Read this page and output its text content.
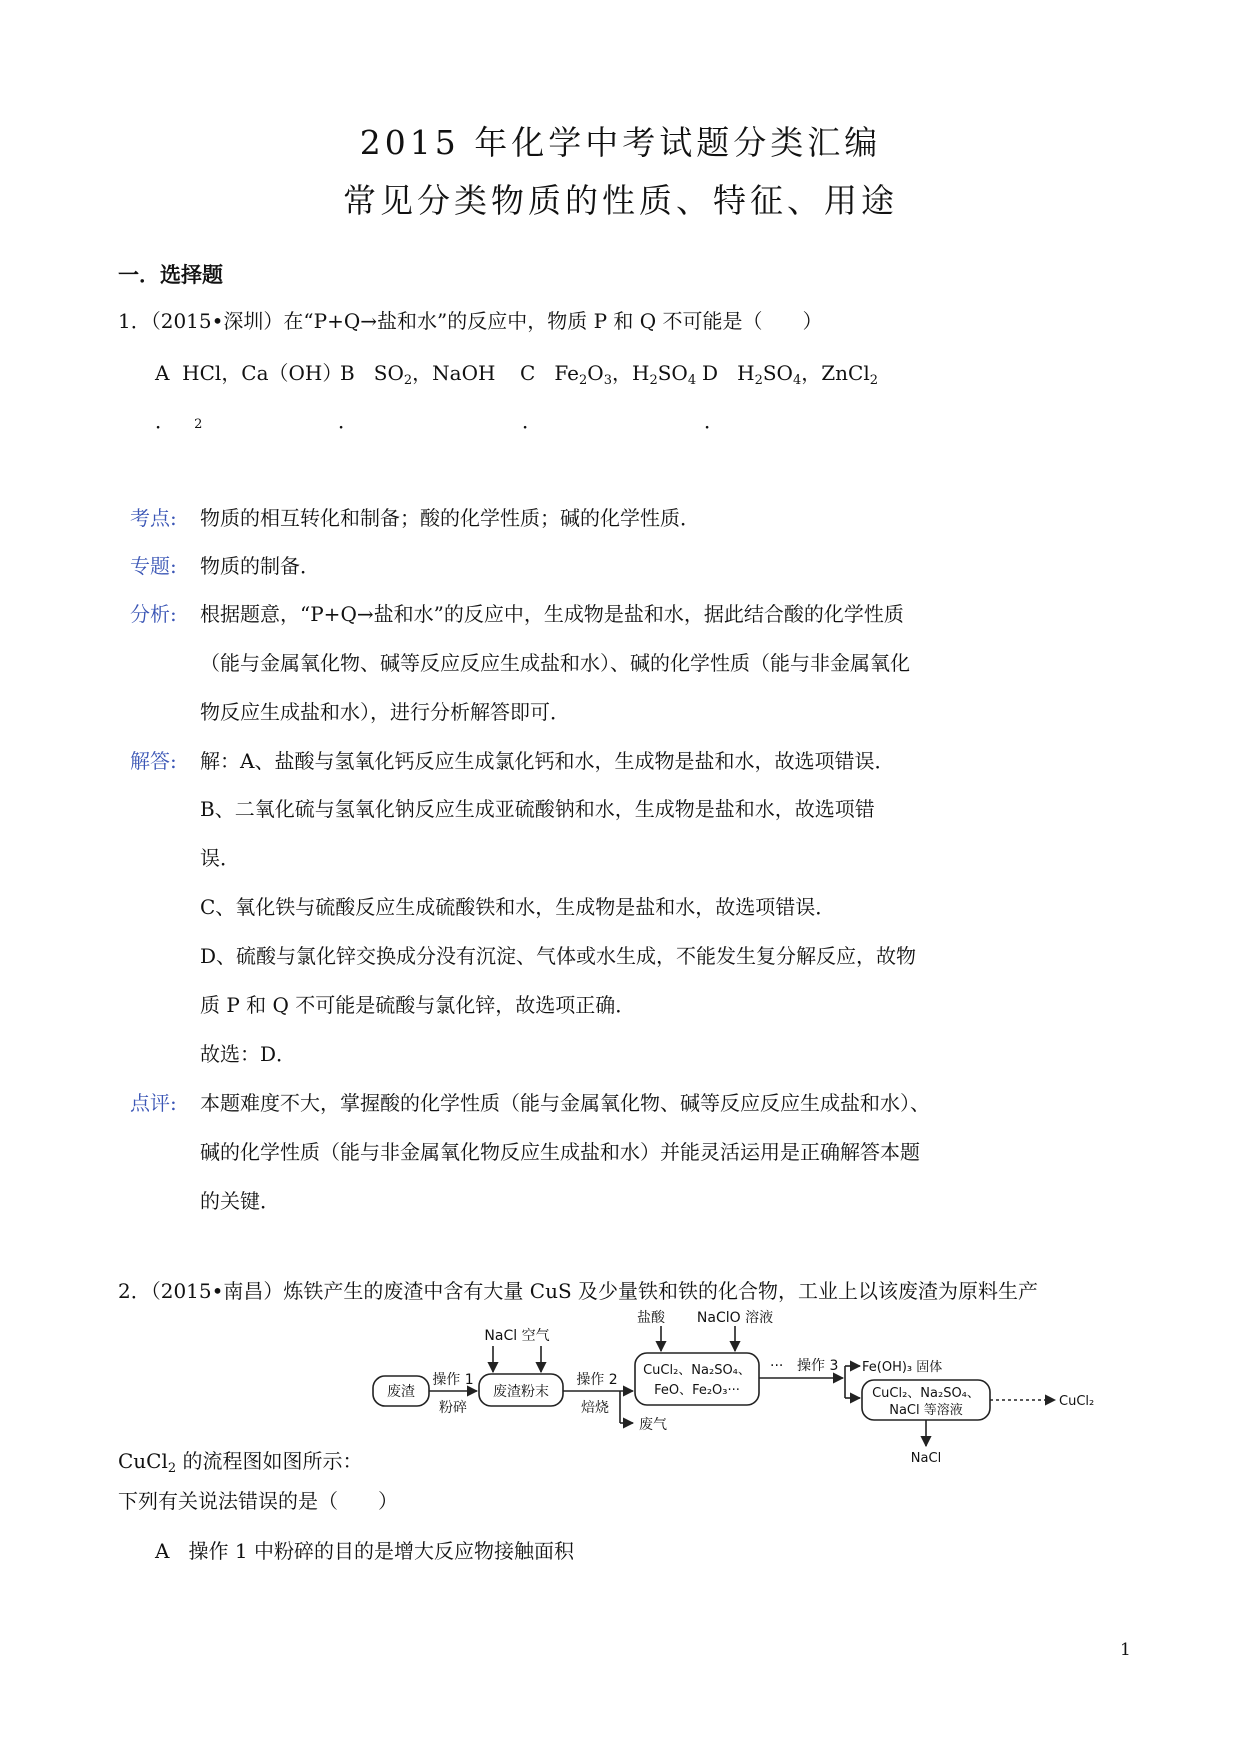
2015 年化学中考试题分类汇编
常见分类物质的性质、特征、用途
一．选择题
1．（2015•深圳）在“P+Q→盐和水”的反应中，物质 P 和 Q 不可能是（　　）
A HCl，Ca（OH）
． 2
B $SO_2$，NaOH
．
C $Fe_2O_3$，$H_2SO_4$
．
D $H_2SO_4$，ZnCl$_2$
．
考点: 物质的相互转化和制备；酸的化学性质；碱的化学性质．
专题: 物质的制备．
分析: 根据题意，“P+Q→盐和水”的反应中，生成物是盐和水，据此结合酸的化学性质
（能与金属氧化物、碱等反应反应生成盐和水）、碱的化学性质（能与非金属氧化
物反应生成盐和水），进行分析解答即可．
解答: 解：A、盐酸与氢氧化钙反应生成氯化钙和水，生成物是盐和水，故选项错误．
B、二氧化硫与氢氧化钠反应生成亚硫酸钠和水，生成物是盐和水，故选项错
误．
C、氧化铁与硫酸反应生成硫酸铁和水，生成物是盐和水，故选项错误．
D、硫酸与氯化锌交换成分没有沉淀、气体或水生成，不能发生复分解反应，故物
质 P 和 Q 不可能是硫酸与氯化锌，故选项正确．
故选：D．
点评: 本题难度不大，掌握酸的化学性质（能与金属氧化物、碱等反应反应生成盐和水）、
碱的化学性质（能与非金属氧化物反应生成盐和水）并能灵活运用是正确解答本题
的关键．
2．（2015•南昌）炼铁产生的废渣中含有大量 CuS 及少量铁和铁的化合物，工业上以该废渣为原料生产
废渣
操作 1
粉碎
NaCl 空气
废渣粉末
操作 2
焙烧
废气
盐酸 NaClO 溶液
CuCl₂、Na₂SO₄、
FeO、Fe₂O₃···
··· 操作 3 Fe(OH)₃ 固体
CuCl₂、Na₂SO₄、
NaCl 等溶液
NaCl
CuCl₂
CuCl$_2$ 的流程图如图所示：
下列有关说法错误的是（　　）
A 操作 1 中粉碎的目的是增大反应物接触面积
1
